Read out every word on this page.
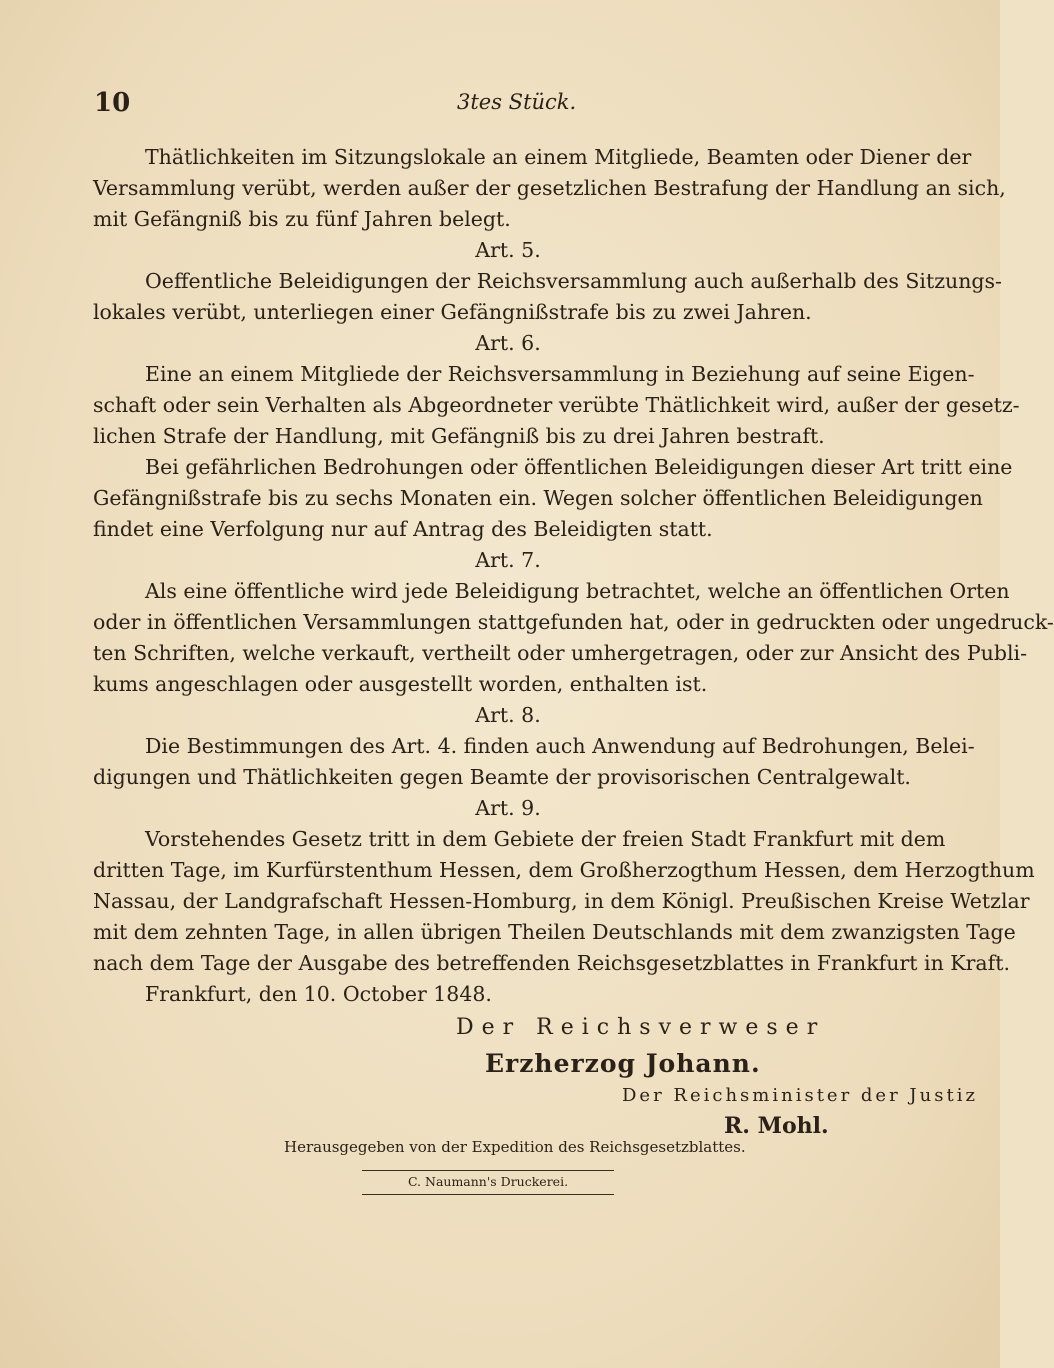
10	3tes Stück.
Thätlichkeiten im Sitzungslokale an einem Mitgliede, Beamten oder Diener der
Versammlung verübt, werden außer der gesetzlichen Bestrafung der Handlung an sich,
mit Gefängniß bis zu fünf Jahren belegt.
Art. 5.
Oeffentliche Beleidigungen der Reichsversammlung auch außerhalb des Sitzungs-
lokales verübt, unterliegen einer Gefängnißstrafe bis zu zwei Jahren.
Art. 6.
Eine an einem Mitgliede der Reichsversammlung in Beziehung auf seine Eigen-
schaft oder sein Verhalten als Abgeordneter verübte Thätlichkeit wird, außer der gesetz-
lichen Strafe der Handlung, mit Gefängniß bis zu drei Jahren bestraft.
Bei gefährlichen Bedrohungen oder öffentlichen Beleidigungen dieser Art tritt eine
Gefängnißstrafe bis zu sechs Monaten ein. Wegen solcher öffentlichen Beleidigungen
findet eine Verfolgung nur auf Antrag des Beleidigten statt.
Art. 7.
Als eine öffentliche wird jede Beleidigung betrachtet, welche an öffentlichen Orten
oder in öffentlichen Versammlungen stattgefunden hat, oder in gedruckten oder ungedruck-
ten Schriften, welche verkauft, vertheilt oder umhergetragen, oder zur Ansicht des Publi-
kums angeschlagen oder ausgestellt worden, enthalten ist.
Art. 8.
Die Bestimmungen des Art. 4. finden auch Anwendung auf Bedrohungen, Belei-
digungen und Thätlichkeiten gegen Beamte der provisorischen Centralgewalt.
Art. 9.
Vorstehendes Gesetz tritt in dem Gebiete der freien Stadt Frankfurt mit dem
dritten Tage, im Kurfürstenthum Hessen, dem Großherzogthum Hessen, dem Herzogthum
Nassau, der Landgrafschaft Hessen-Homburg, in dem Königl. Preußischen Kreise Wetzlar
mit dem zehnten Tage, in allen übrigen Theilen Deutschlands mit dem zwanzigsten Tage
nach dem Tage der Ausgabe des betreffenden Reichsgesetzblattes in Frankfurt in Kraft.
Frankfurt, den 10. October 1848.
Der Reichsverweser
Erzherzog Johann.
Der Reichsminister der Justiz
R. Mohl.
Herausgegeben von der Expedition des Reichsgesetzblattes.
C. Naumann's Druckerei.
